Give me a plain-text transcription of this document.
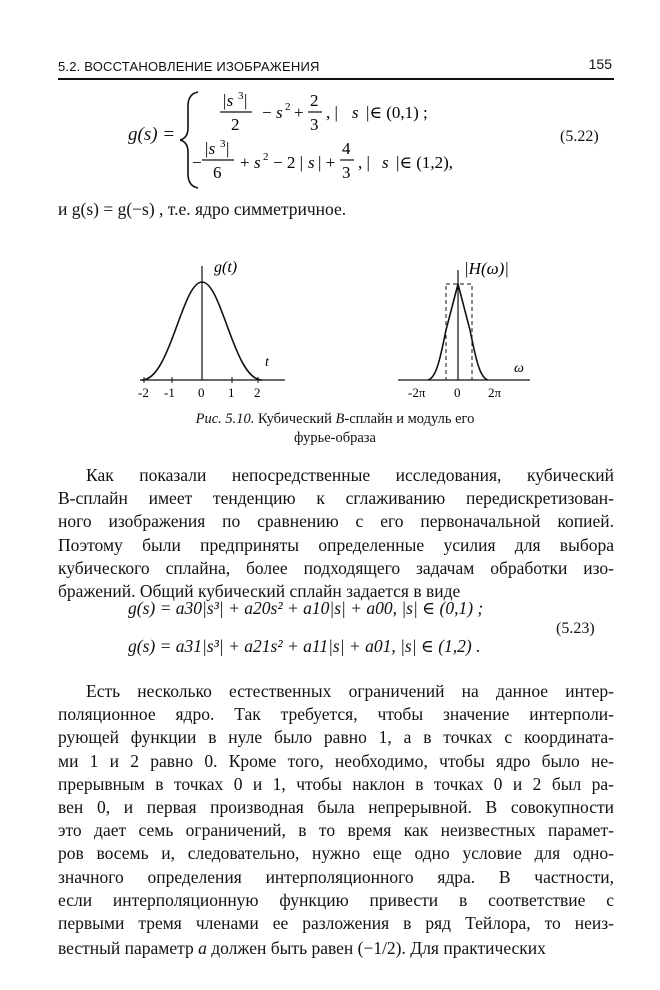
5.2. ВОССТАНОВЛЕНИЕ ИЗОБРАЖЕНИЯ	155
g(s) =
|s 3 |
2
− s 2 +
2
3
, | s |∈ (0,1) ;
−
|s 3 |
6
+ s 2 − 2 | s | +
4
3
, | s |∈ (1,2),
(5.22)
и g(s) = g(−s) , т.е. ядро симметричное.
g(t)
t
-2 -1 0 1 2
|H(ω)|
ω
-2π 0 2π
Рис. 5.10. Кубический B-сплайн и модуль его
фурье-образа
Как показали непосредственные исследования, кубический
B-сплайн имеет тенденцию к сглаживанию передискретизован-
ного изображения по сравнению с его первоначальной копией.
Поэтому были предприняты определенные усилия для выбора
кубического сплайна, более подходящего задачам обработки изо-
бражений. Общий кубический сплайн задается в виде
g(s) = a30|s³| + a20s² + a10|s| + a00, |s| ∈ (0,1) ;
g(s) = a31|s³| + a21s² + a11|s| + a01, |s| ∈ (1,2) .
(5.23)
Есть несколько естественных ограничений на данное интер-
поляционное ядро. Так требуется, чтобы значение интерполи-
рующей функции в нуле было равно 1, а в точках с координата-
ми 1 и 2 равно 0. Кроме того, необходимо, чтобы ядро было не-
прерывным в точках 0 и 1, чтобы наклон в точках 0 и 2 был ра-
вен 0, и первая производная была непрерывной. В совокупности
это дает семь ограничений, в то время как неизвестных парамет-
ров восемь и, следовательно, нужно еще одно условие для одно-
значного определения интерполяционного ядра. В частности,
если интерполяционную функцию привести в соответствие с
первыми тремя членами ее разложения в ряд Тейлора, то неиз-
вестный параметр a должен быть равен (−1/2). Для практических
